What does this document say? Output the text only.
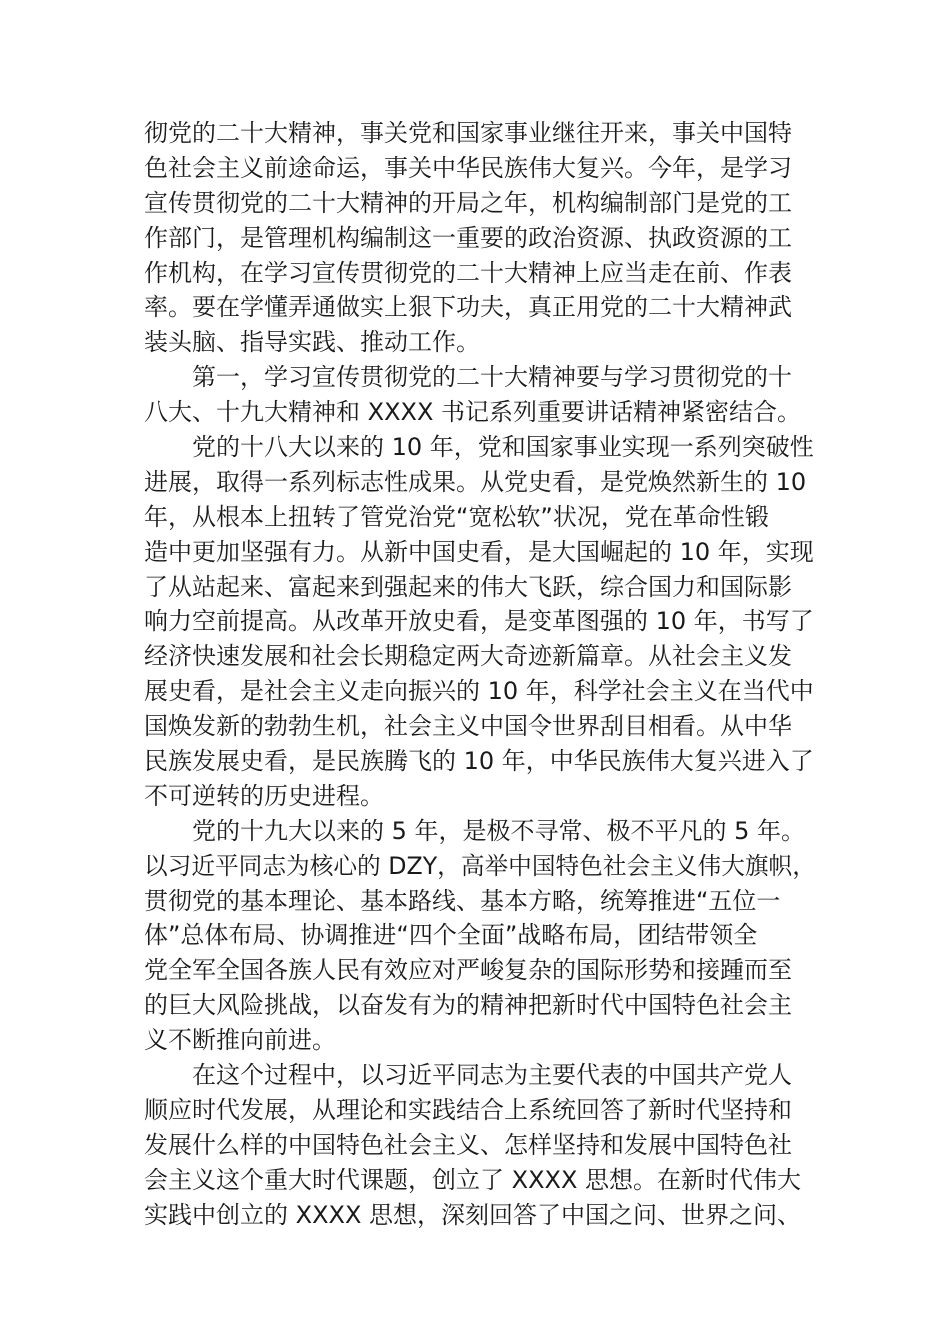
彻党的二十大精神，事关党和国家事业继往开来，事关中国特
色社会主义前途命运，事关中华民族伟大复兴。今年，是学习
宣传贯彻党的二十大精神的开局之年，机构编制部门是党的工
作部门，是管理机构编制这一重要的政治资源、执政资源的工
作机构，在学习宣传贯彻党的二十大精神上应当走在前、作表
率。要在学懂弄通做实上狠下功夫，真正用党的二十大精神武
装头脑、指导实践、推动工作。
第一，学习宣传贯彻党的二十大精神要与学习贯彻党的十
八大、十九大精神和 XXXX 书记系列重要讲话精神紧密结合。
党的十八大以来的 10 年，党和国家事业实现一系列突破性
进展，取得一系列标志性成果。从党史看，是党焕然新生的 10
年，从根本上扭转了管党治党“宽松软”状况，党在革命性锻
造中更加坚强有力。从新中国史看，是大国崛起的 10 年，实现
了从站起来、富起来到强起来的伟大飞跃，综合国力和国际影
响力空前提高。从改革开放史看，是变革图强的 10 年，书写了
经济快速发展和社会长期稳定两大奇迹新篇章。从社会主义发
展史看，是社会主义走向振兴的 10 年，科学社会主义在当代中
国焕发新的勃勃生机，社会主义中国令世界刮目相看。从中华
民族发展史看，是民族腾飞的 10 年，中华民族伟大复兴进入了
不可逆转的历史进程。
党的十九大以来的 5 年，是极不寻常、极不平凡的 5 年。
以习近平同志为核心的 DZY，高举中国特色社会主义伟大旗帜，
贯彻党的基本理论、基本路线、基本方略，统筹推进“五位一
体”总体布局、协调推进“四个全面”战略布局，团结带领全
党全军全国各族人民有效应对严峻复杂的国际形势和接踵而至
的巨大风险挑战，以奋发有为的精神把新时代中国特色社会主
义不断推向前进。
在这个过程中，以习近平同志为主要代表的中国共产党人
顺应时代发展，从理论和实践结合上系统回答了新时代坚持和
发展什么样的中国特色社会主义、怎样坚持和发展中国特色社
会主义这个重大时代课题，创立了 XXXX 思想。在新时代伟大
实践中创立的 XXXX 思想，深刻回答了中国之问、世界之问、
